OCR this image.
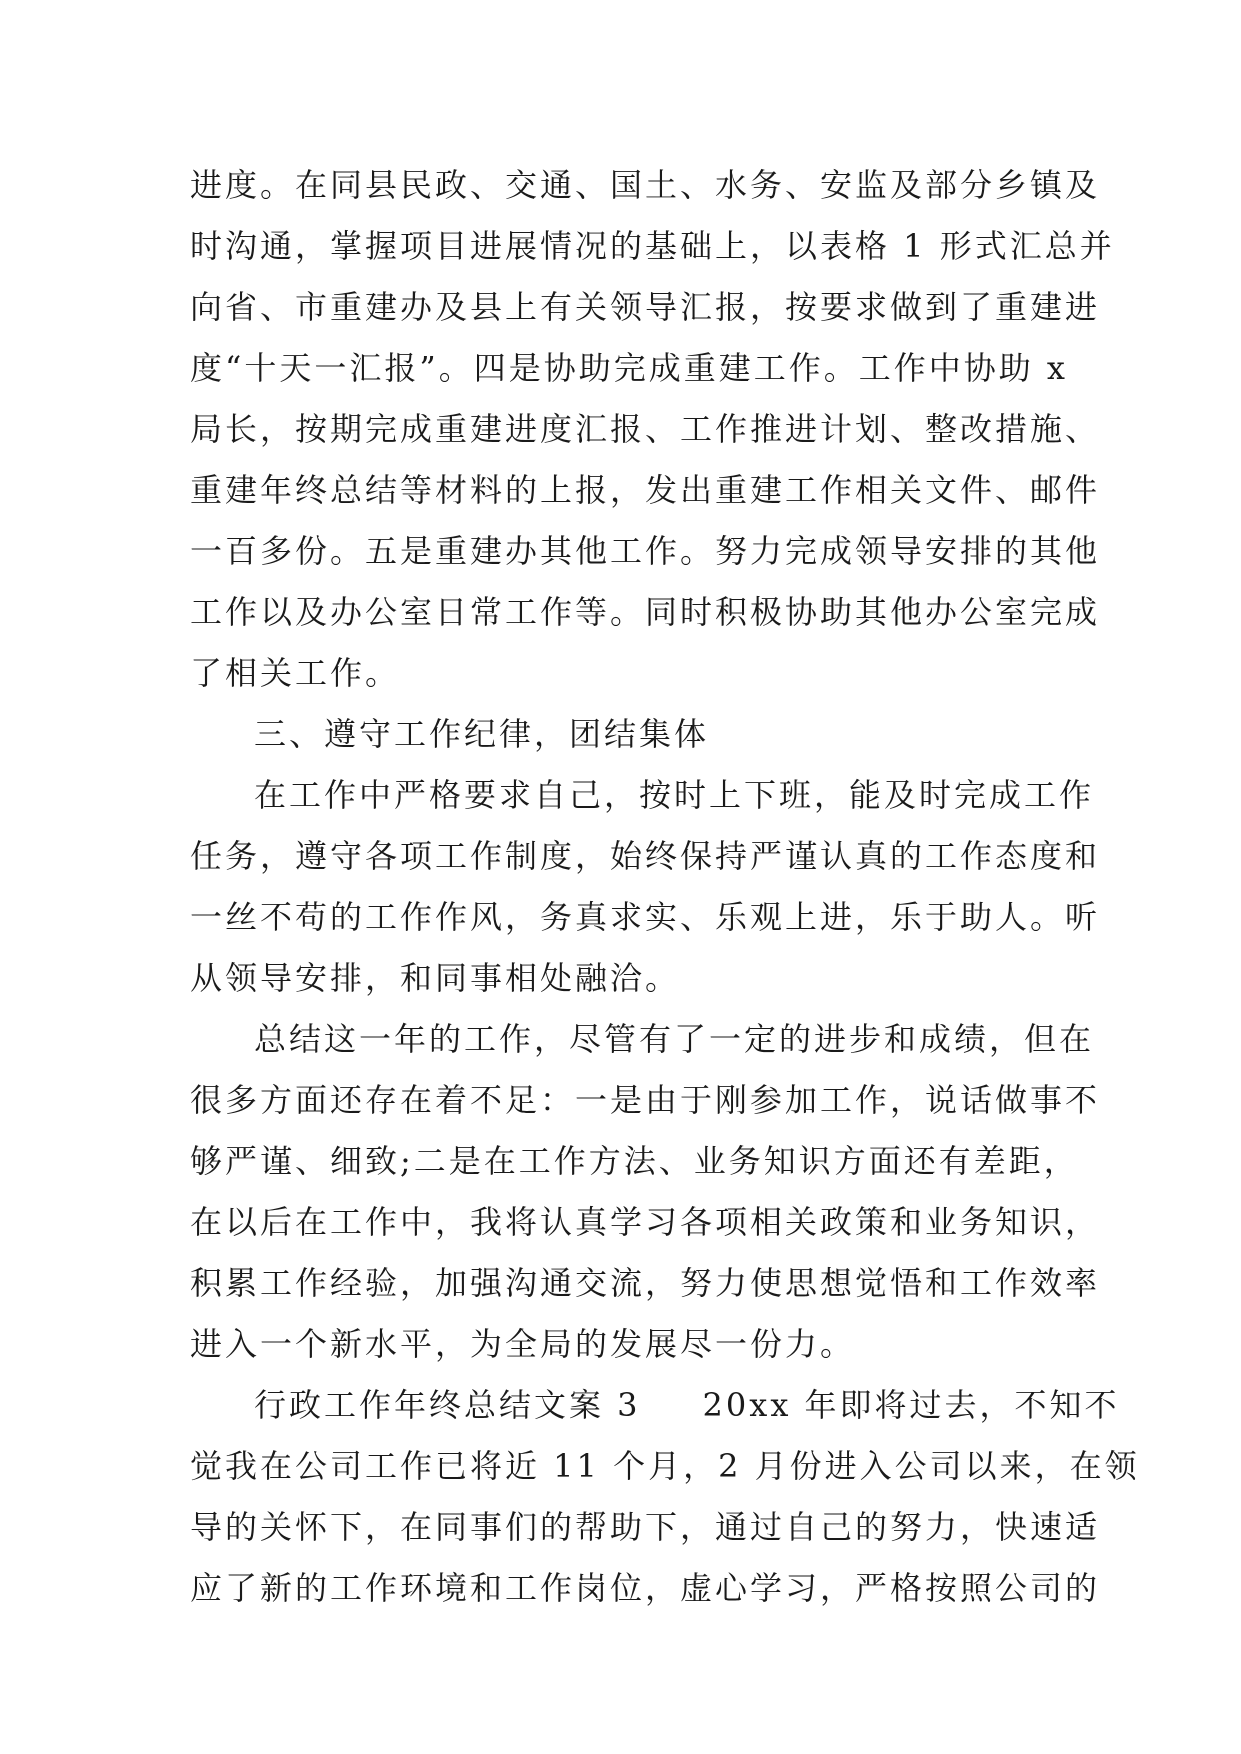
进度。在同县民政、交通、国土、水务、安监及部分乡镇及
时沟通，掌握项目进展情况的基础上，以表格 1 形式汇总并
向省、市重建办及县上有关领导汇报，按要求做到了重建进
度“十天一汇报”。四是协助完成重建工作。工作中协助 x
局长，按期完成重建进度汇报、工作推进计划、整改措施、
重建年终总结等材料的上报，发出重建工作相关文件、邮件
一百多份。五是重建办其他工作。努力完成领导安排的其他
工作以及办公室日常工作等。同时积极协助其他办公室完成
了相关工作。
三、遵守工作纪律，团结集体
在工作中严格要求自己，按时上下班，能及时完成工作
任务，遵守各项工作制度，始终保持严谨认真的工作态度和
一丝不苟的工作作风，务真求实、乐观上进，乐于助人。听
从领导安排，和同事相处融洽。
总结这一年的工作，尽管有了一定的进步和成绩，但在
很多方面还存在着不足：一是由于刚参加工作，说话做事不
够严谨、细致;二是在工作方法、业务知识方面还有差距，
在以后在工作中，我将认真学习各项相关政策和业务知识，
积累工作经验，加强沟通交流，努力使思想觉悟和工作效率
进入一个新水平，为全局的发展尽一份力。
行政工作年终总结文案 3 20xx 年即将过去，不知不
觉我在公司工作已将近 11 个月，2 月份进入公司以来，在领
导的关怀下，在同事们的帮助下，通过自己的努力，快速适
应了新的工作环境和工作岗位，虚心学习，严格按照公司的
